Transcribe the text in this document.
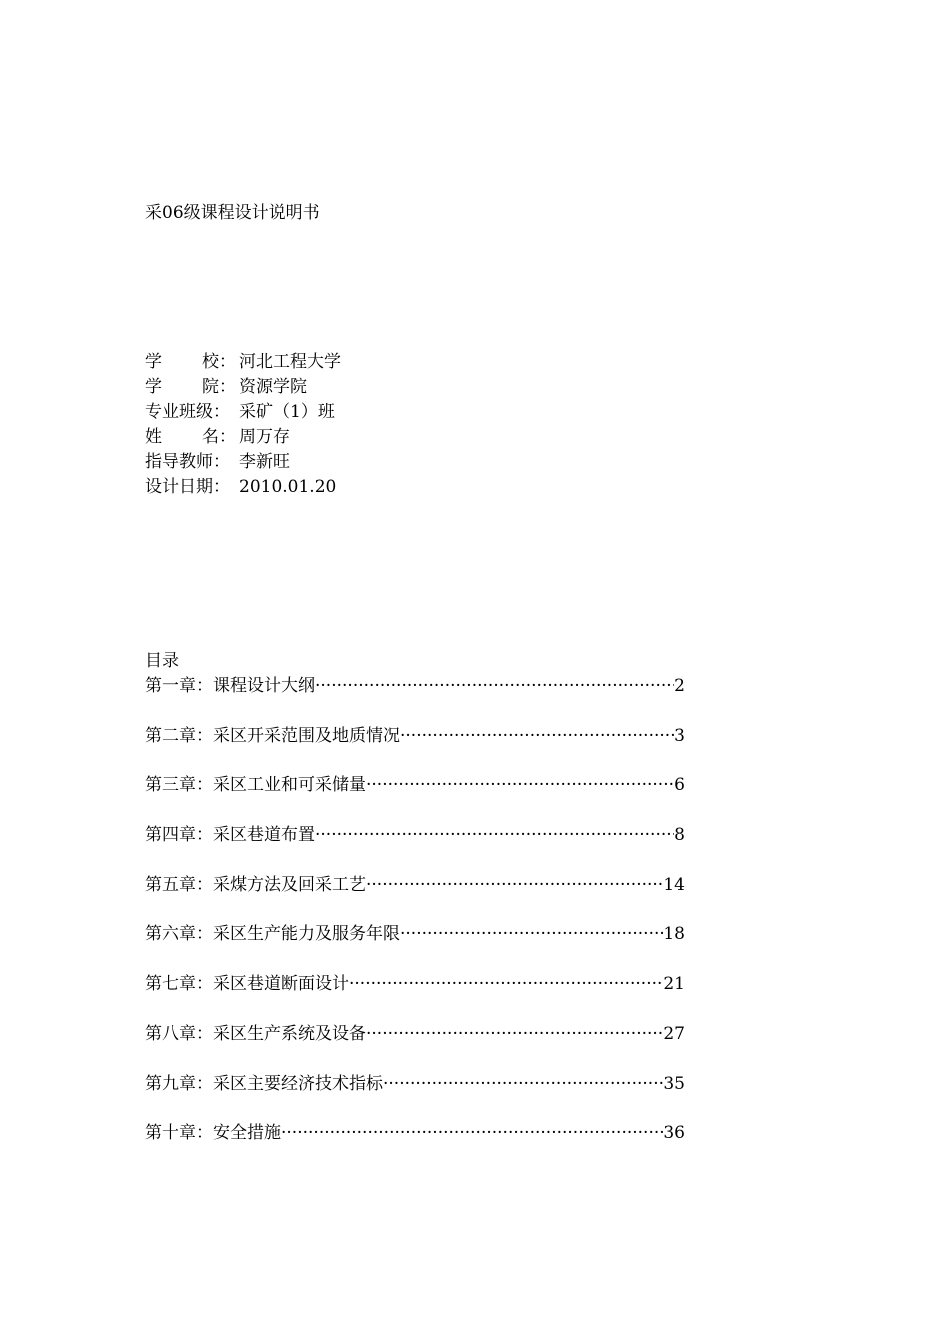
采06级课程设计说明书
学 校： 河北工程大学
学 院： 资源学院
专业班级： 采矿（1）班
姓 名： 周万存
指导教师： 李新旺
设计日期： 2010.01.20
目录
第一章：课程设计大纲 ·····	2
第二章：采区开采范围及地质情况 ·····	3
第三章：采区工业和可采储量 ·····	6
第四章：采区巷道布置 ·····	8
第五章：采煤方法及回采工艺 ·····	14
第六章：采区生产能力及服务年限 ·····	18
第七章：采区巷道断面设计 ·····	21
第八章：采区生产系统及设备 ·····	27
第九章：采区主要经济技术指标 ·····	35
第十章：安全措施 ·····	36
